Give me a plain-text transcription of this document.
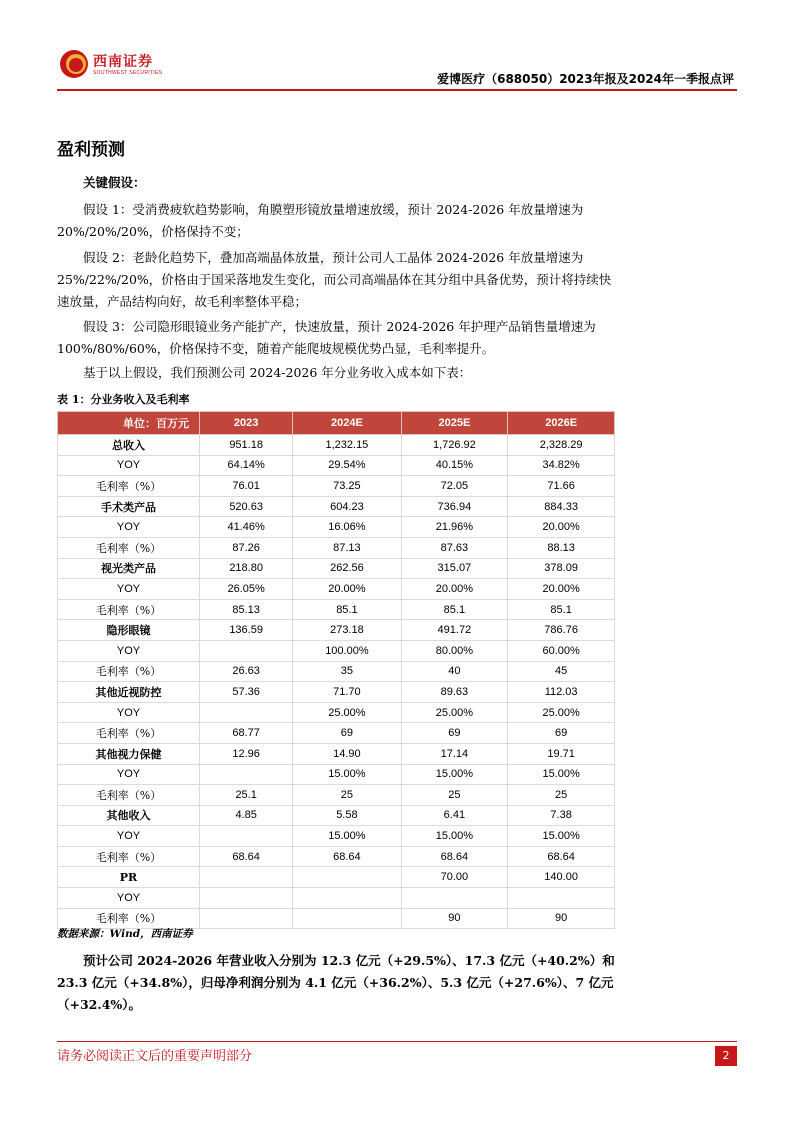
西南证券
SOUTHWEST SECURITIES	爱博医疗（688050）2023年报及2024年一季报点评
盈利预测
关键假设：
假设 1：受消费疲软趋势影响，角膜塑形镜放量增速放缓，预计 2024-2026 年放量增速为 20%/20%/20%，价格保持不变；
假设 2：老龄化趋势下，叠加高端晶体放量，预计公司人工晶体 2024-2026 年放量增速为 25%/22%/20%，价格由于国采落地发生变化，而公司高端晶体在其分组中具备优势，预计将持续快速放量，产品结构向好，故毛利率整体平稳；
假设 3：公司隐形眼镜业务产能扩产，快速放量，预计 2024-2026 年护理产品销售量增速为 100%/80%/60%，价格保持不变，随着产能爬坡规模优势凸显，毛利率提升。
基于以上假设，我们预测公司 2024-2026 年分业务收入成本如下表：
表 1：分业务收入及毛利率
单位：百万元	2023	2024E	2025E	2026E
总收入	951.18	1,232.15	1,726.92	2,328.29
YOY	64.14%	29.54%	40.15%	34.82%
毛利率（%）	76.01	73.25	72.05	71.66
手术类产品	520.63	604.23	736.94	884.33
YOY	41.46%	16.06%	21.96%	20.00%
毛利率（%）	87.26	87.13	87.63	88.13
视光类产品	218.80	262.56	315.07	378.09
YOY	26.05%	20.00%	20.00%	20.00%
毛利率（%）	85.13	85.1	85.1	85.1
隐形眼镜	136.59	273.18	491.72	786.76
YOY		100.00%	80.00%	60.00%
毛利率（%）	26.63	35	40	45
其他近视防控	57.36	71.70	89.63	112.03
YOY		25.00%	25.00%	25.00%
毛利率（%）	68.77	69	69	69
其他视力保健	12.96	14.90	17.14	19.71
YOY		15.00%	15.00%	15.00%
毛利率（%）	25.1	25	25	25
其他收入	4.85	5.58	6.41	7.38
YOY		15.00%	15.00%	15.00%
毛利率（%）	68.64	68.64	68.64	68.64
PR			70.00	140.00
YOY				
毛利率（%）			90	90
数据来源：Wind，西南证券
预计公司 2024-2026 年营业收入分别为 12.3 亿元（+29.5%）、17.3 亿元（+40.2%）和 23.3 亿元（+34.8%），归母净利润分别为 4.1 亿元（+36.2%）、5.3 亿元（+27.6%）、7 亿元（+32.4%）。
请务必阅读正文后的重要声明部分	2
